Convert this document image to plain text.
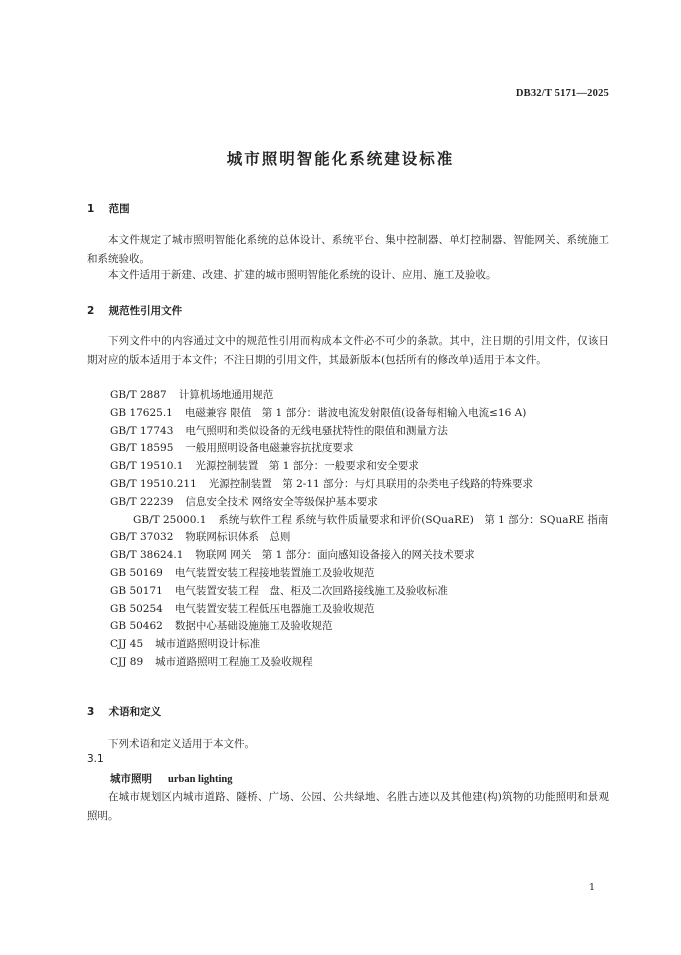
DB32/T 5171—2025
城市照明智能化系统建设标准
1 范围
本文件规定了城市照明智能化系统的总体设计、系统平台、集中控制器、单灯控制器、智能网关、系统施工和系统验收。
本文件适用于新建、改建、扩建的城市照明智能化系统的设计、应用、施工及验收。
2 规范性引用文件
下列文件中的内容通过文中的规范性引用而构成本文件必不可少的条款。其中，注日期的引用文件，仅该日期对应的版本适用于本文件；不注日期的引用文件，其最新版本(包括所有的修改单)适用于本文件。
GB/T 2887 计算机场地通用规范
GB 17625.1 电磁兼容 限值　第 1 部分：谐波电流发射限值(设备每相输入电流≤16 A)
GB/T 17743 电气照明和类似设备的无线电骚扰特性的限值和测量方法
GB/T 18595 一般用照明设备电磁兼容抗扰度要求
GB/T 19510.1 光源控制装置　第 1 部分：一般要求和安全要求
GB/T 19510.211 光源控制装置　第 2-11 部分：与灯具联用的杂类电子线路的特殊要求
GB/T 22239 信息安全技术 网络安全等级保护基本要求
GB/T 25000.1 系统与软件工程 系统与软件质量要求和评价(SQuaRE)　第 1 部分：SQuaRE 指南
GB/T 37032 物联网标识体系　总则
GB/T 38624.1 物联网 网关　第 1 部分：面向感知设备接入的网关技术要求
GB 50169 电气装置安装工程接地装置施工及验收规范
GB 50171 电气装置安装工程　盘、柜及二次回路接线施工及验收标准
GB 50254 电气装置安装工程低压电器施工及验收规范
GB 50462 数据中心基础设施施工及验收规范
CJJ 45 城市道路照明设计标准
CJJ 89 城市道路照明工程施工及验收规程
3 术语和定义
下列术语和定义适用于本文件。
3.1
城市照明 urban lighting
在城市规划区内城市道路、隧桥、广场、公园、公共绿地、名胜古迹以及其他建(构)筑物的功能照明和景观照明。
1
